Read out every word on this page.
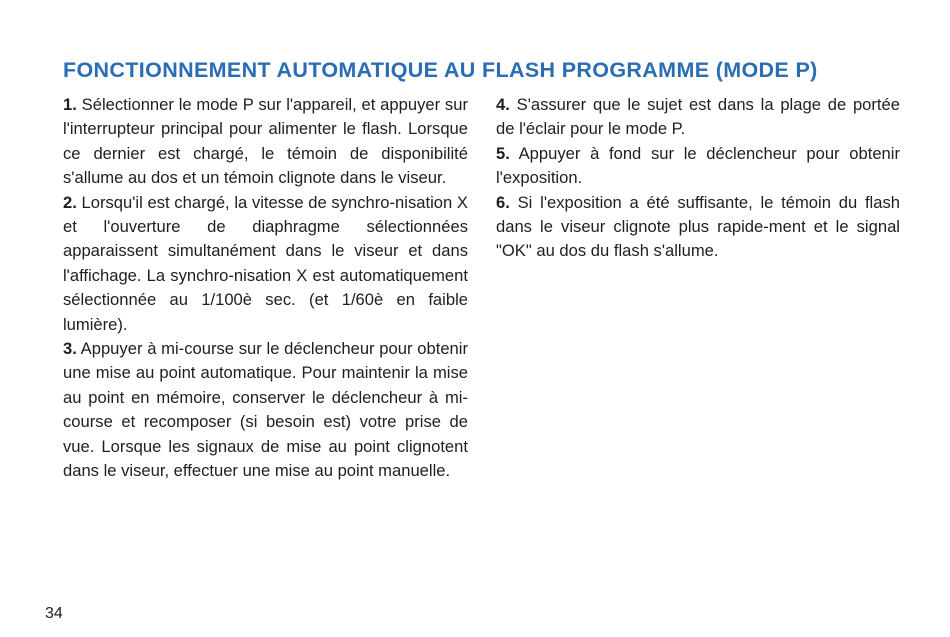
FONCTIONNEMENT AUTOMATIQUE AU FLASH PROGRAMME (MODE P)

1. Sélectionner le mode P sur l'appareil, et appuyer sur l'interrupteur principal pour alimenter le flash. Lorsque ce dernier est chargé, le témoin de disponibilité s'allume au dos et un témoin clignote dans le viseur.

2. Lorsqu'il est chargé, la vitesse de synchro-nisation X et l'ouverture de diaphragme sélectionnées apparaissent simultanément dans le viseur et dans l'affichage. La synchro-nisation X est automatiquement sélectionnée au 1/100è sec. (et 1/60è en faible lumière).

3. Appuyer à mi-course sur le déclencheur pour obtenir une mise au point automatique. Pour maintenir la mise au point en mémoire, conserver le déclencheur à mi-course et recomposer (si besoin est) votre prise de vue. Lorsque les signaux de mise au point clignotent dans le viseur, effectuer une mise au point manuelle.

4. S'assurer que le sujet est dans la plage de portée de l'éclair pour le mode P.

5. Appuyer à fond sur le déclencheur pour obtenir l'exposition.

6. Si l'exposition a été suffisante, le témoin du flash dans le viseur clignote plus rapide-ment et le signal "OK" au dos du flash s'allume.

34
